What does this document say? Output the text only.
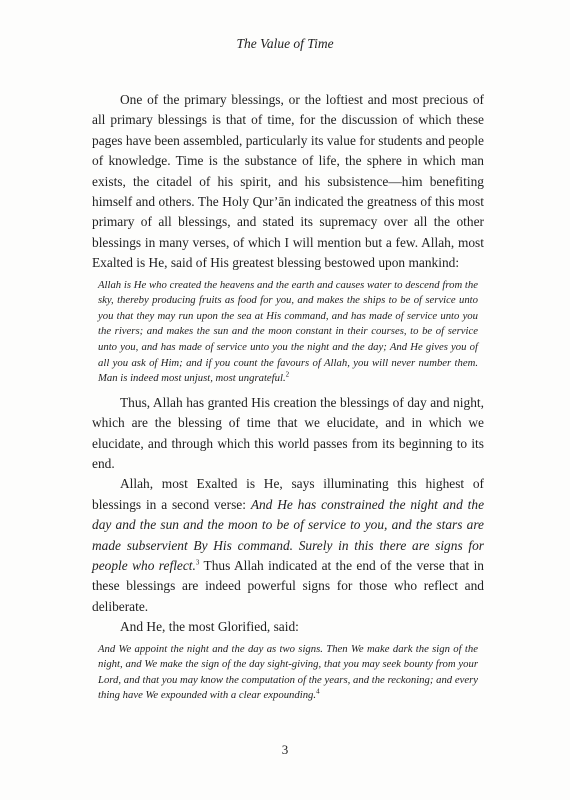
The Value of Time

One of the primary blessings, or the loftiest and most precious of all primary blessings is that of time, for the discussion of which these pages have been assembled, particularly its value for students and people of knowledge. Time is the substance of life, the sphere in which man exists, the citadel of his spirit, and his subsistence—him benefiting himself and others. The Holy Qur’ān indicated the greatness of this most primary of all blessings, and stated its supremacy over all the other blessings in many verses, of which I will mention but a few. Allah, most Exalted is He, said of His greatest blessing bestowed upon mankind:

Allah is He who created the heavens and the earth and causes water to descend from the sky, thereby producing fruits as food for you, and makes the ships to be of service unto you that they may run upon the sea at His command, and has made of service unto you the rivers; and makes the sun and the moon constant in their courses, to be of service unto you, and has made of service unto you the night and the day; And He gives you of all you ask of Him; and if you count the favours of Allah, you will never number them. Man is indeed most unjust, most ungrateful.$^2$

Thus, Allah has granted His creation the blessings of day and night, which are the blessing of time that we elucidate, and in which we elucidate, and through which this world passes from its beginning to its end.

Allah, most Exalted is He, says illuminating this highest of blessings in a second verse: And He has constrained the night and the day and the sun and the moon to be of service to you, and the stars are made subservient By His command. Surely in this there are signs for people who reflect.$^3$ Thus Allah indicated at the end of the verse that in these blessings are indeed powerful signs for those who reflect and deliberate.

And He, the most Glorified, said:

And We appoint the night and the day as two signs. Then We make dark the sign of the night, and We make the sign of the day sight-giving, that you may seek bounty from your Lord, and that you may know the computation of the years, and the reckoning; and every thing have We expounded with a clear expounding.$^4$
3
